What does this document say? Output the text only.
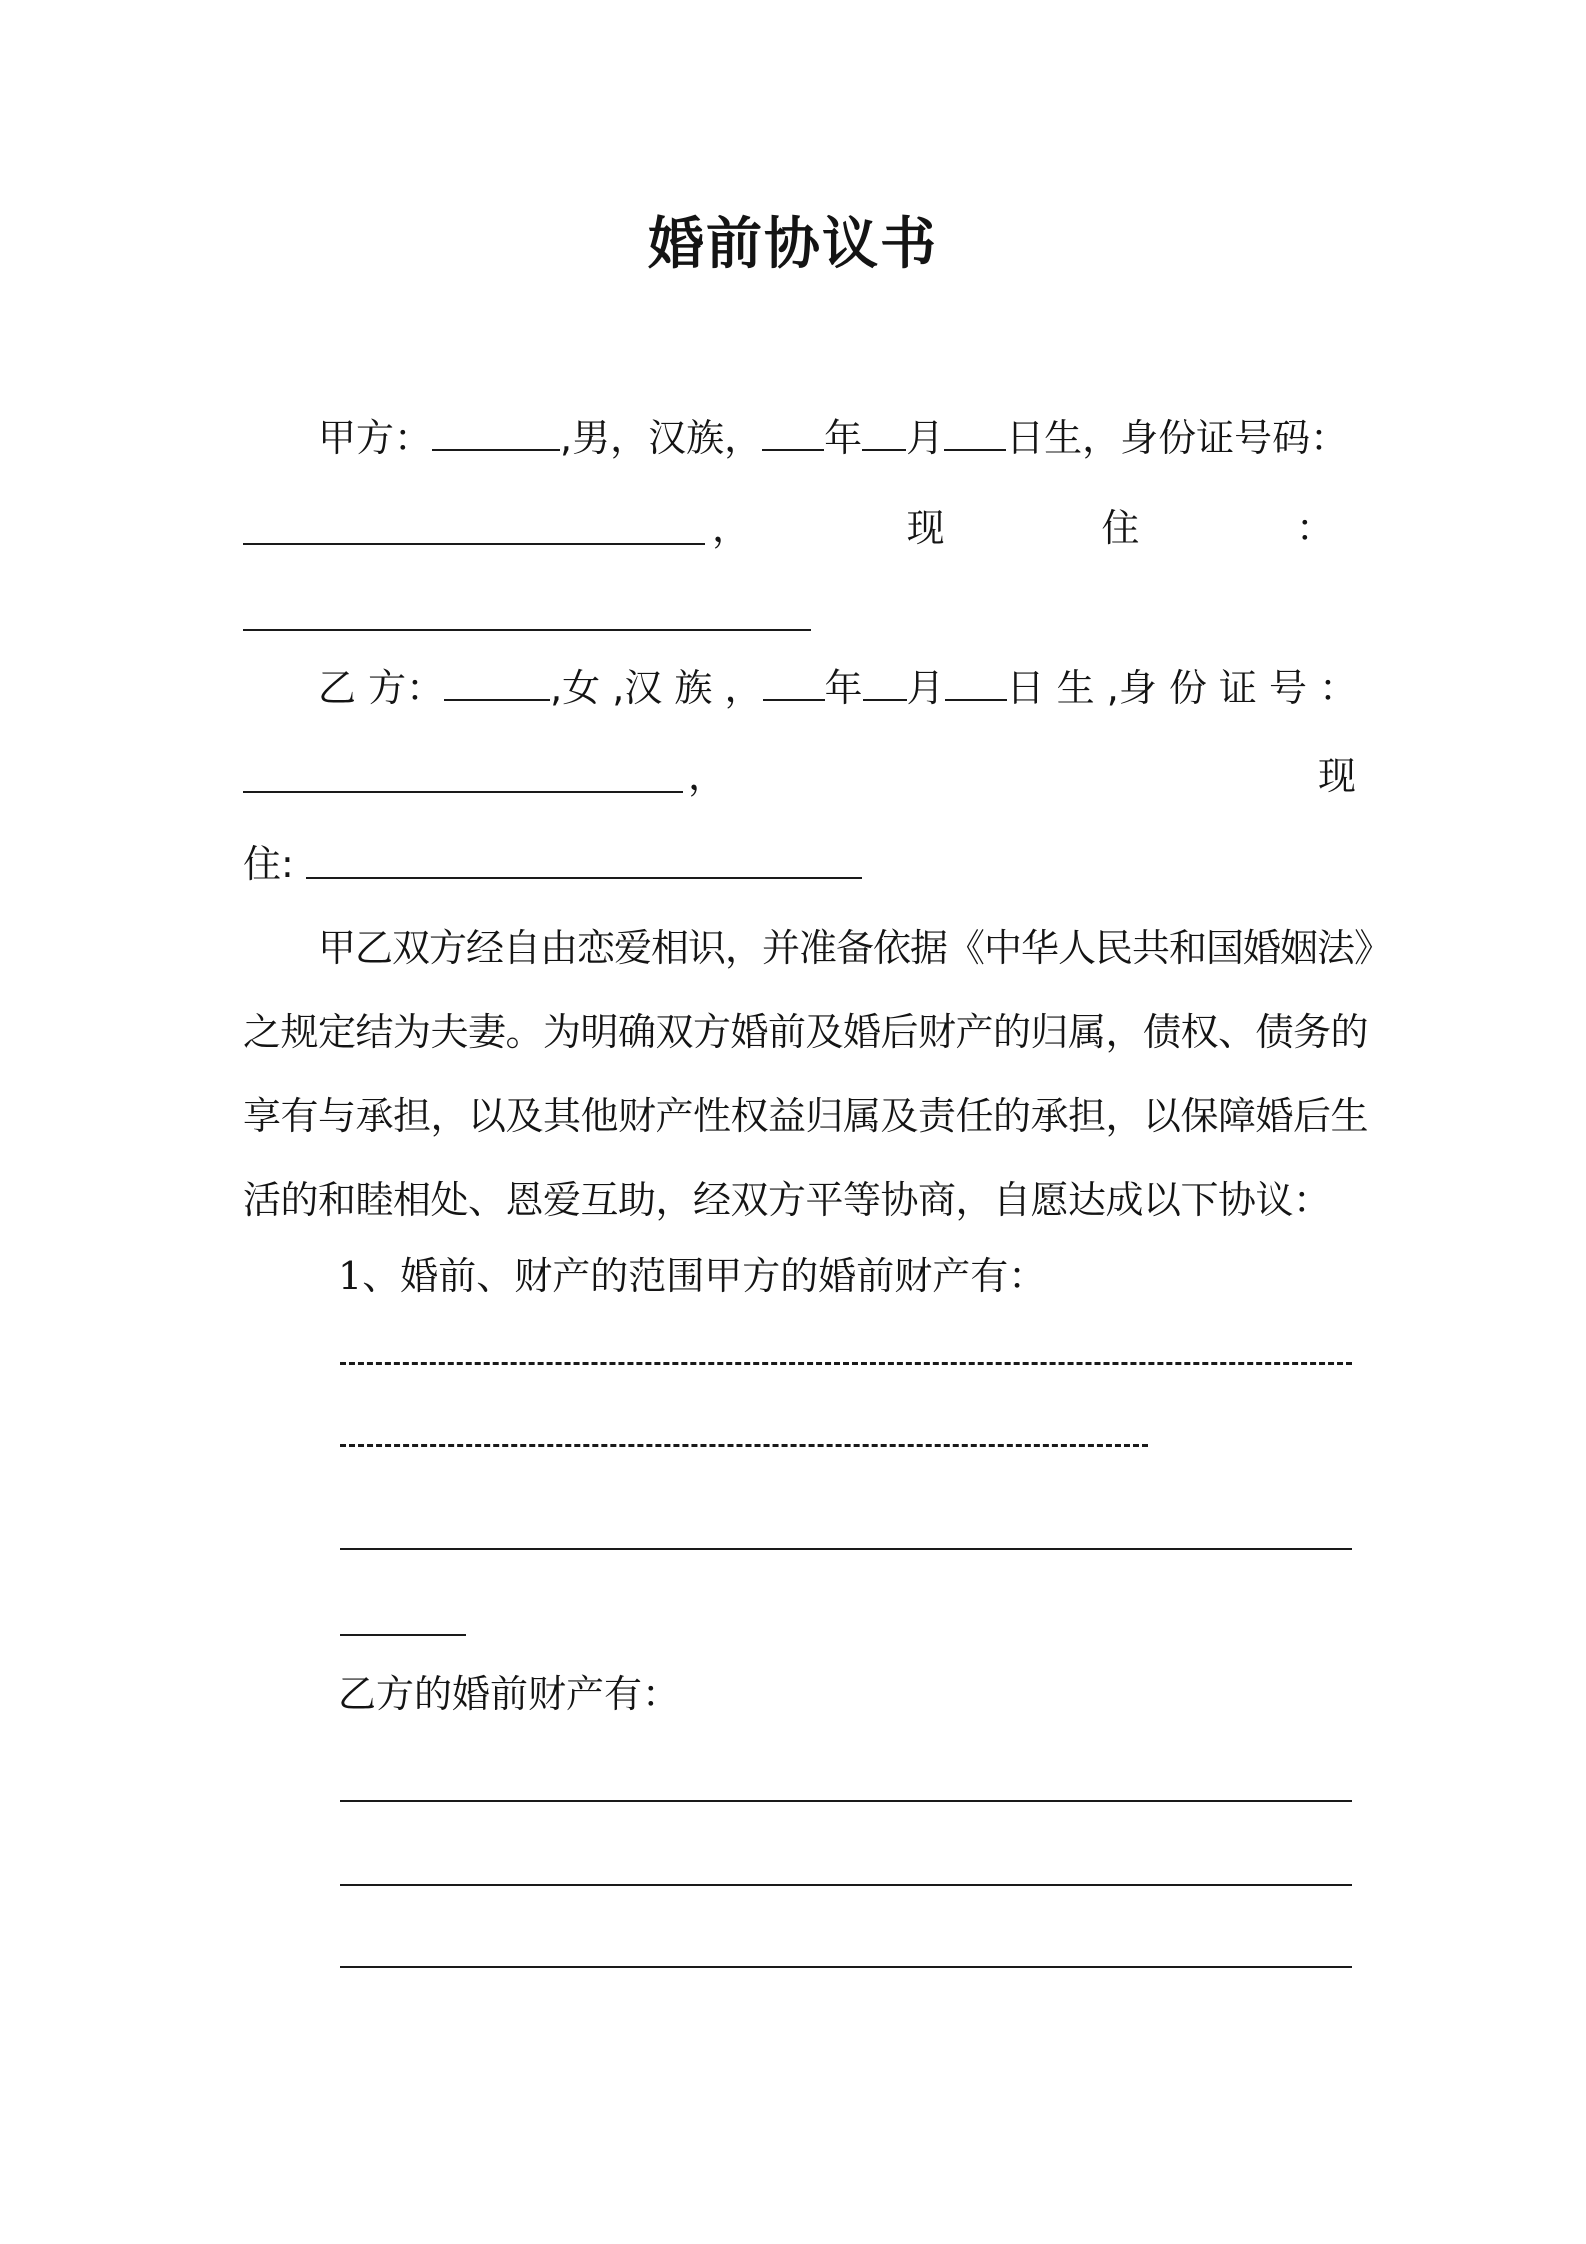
婚前协议书
甲方：	,男，汉族， 年 月 日生，身份证号码：
，	现	住	：
乙 方：	,女 ,汉 族 ， 年 月 日 生 ,身 份 证 号 ：
，	现
住:
甲乙双方经自由恋爱相识，并准备依据《中华人民共和国婚姻法》
之规定结为夫妻。为明确双方婚前及婚后财产的归属，债权、债务的
享有与承担，以及其他财产性权益归属及责任的承担，以保障婚后生
活的和睦相处、恩爱互助，经双方平等协商，自愿达成以下协议：
1、婚前、财产的范围甲方的婚前财产有：
乙方的婚前财产有：
